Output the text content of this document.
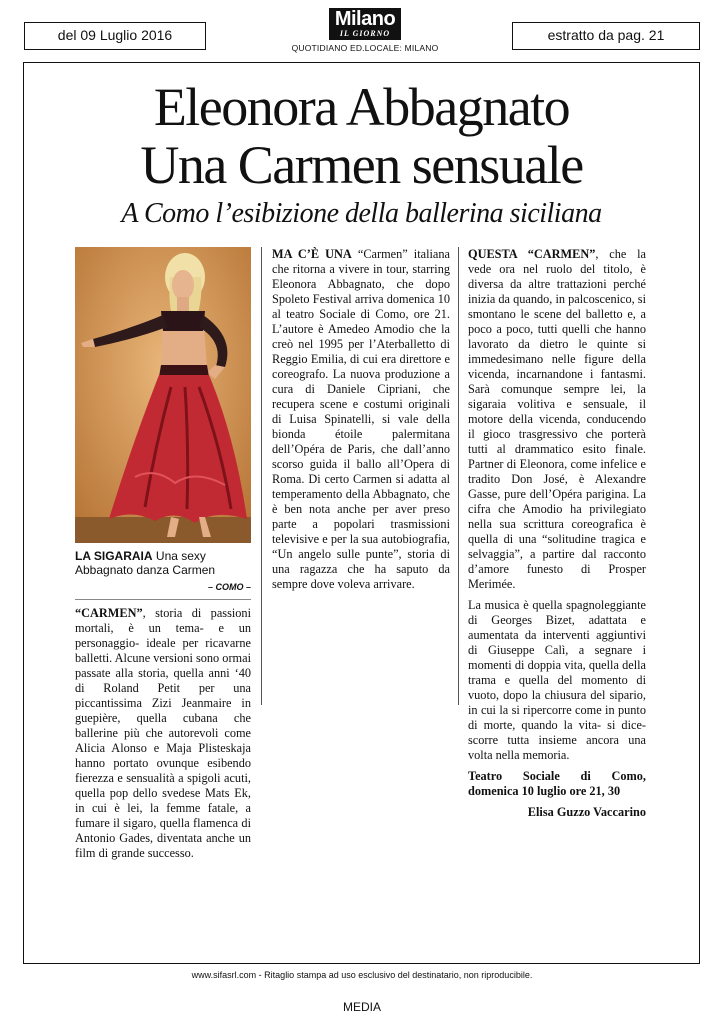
del 09 Luglio 2016
Milano
IL GIORNO
QUOTIDIANO ED.LOCALE: MILANO
estratto da pag. 21
Eleonora Abbagnato
Una Carmen sensuale
A Como l’esibizione della ballerina siciliana
LA SIGARAIA Una sexy Abbagnato danza Carmen
– COMO –

“CARMEN”, storia di passioni mortali, è un tema- e un personaggio- ideale per ricavarne balletti. Alcune versioni sono ormai passate alla storia, quella anni ‘40 di Roland Petit per una piccantissima Zizi Jeanmaire in guepière, quella cubana che ballerine più che autorevoli come Alicia Alonso e Maja Plisteskaja hanno portato ovunque esibendo fierezza e sensualità a spigoli acuti, quella pop dello svedese Mats Ek, in cui è lei, la femme fatale, a fumare il sigaro, quella flamenca di Antonio Gades, diventata anche un film di grande successo.

MA C’È UNA “Carmen” italiana che ritorna a vivere in tour, starring Eleonora Abbagnato, che dopo Spoleto Festival arriva domenica 10 al teatro Sociale di Como, ore 21. L’autore è Amedeo Amodio che la creò nel 1995 per l’Aterballetto di Reggio Emilia, di cui era direttore e coreografo. La nuova produzione a cura di Daniele Cipriani, che recupera scene e costumi originali di Luisa Spinatelli, si vale della bionda étoile palermitana dell’Opéra de Paris, che dall’anno scorso guida il ballo all’Opera di Roma. Di certo Carmen si adatta al temperamento della Abbagnato, che è ben nota anche per aver preso parte a popolari trasmissioni televisive e per la sua autobiografia, “Un angelo sulle punte”, storia di una ragazza che ha saputo da sempre dove voleva arrivare.

QUESTA “CARMEN”, che la vede ora nel ruolo del titolo, è diversa da altre trattazioni perché inizia da quando, in palcoscenico, si smontano le scene del balletto e, a poco a poco, tutti quelli che hanno lavorato da dietro le quinte si immedesimano nelle figure della vicenda, incarnandone i fantasmi. Sarà comunque sempre lei, la sigaraia volitiva e sensuale, il motore della vicenda, conducendo il gioco trasgressivo che porterà tutti al drammatico esito finale. Partner di Eleonora, come infelice e tradito Don José, è Alexandre Gasse, pure dell’Opéra parigina. La cifra che Amodio ha privilegiato nella sua scrittura coreografica è quella di una “solitudine tragica e selvaggia”, a partire dal racconto d’amore funesto di Prosper Merimée.

La musica è quella spagnoleggiante di Georges Bizet, adattata e aumentata da interventi aggiuntivi di Giuseppe Calì, a segnare i momenti di doppia vita, quella della trama e quella del momento di vuoto, dopo la chiusura del sipario, in cui la si ripercorre come in punto di morte, quando la vita- si dice- scorre tutta insieme ancora una volta nella memoria.

Teatro Sociale di Como, domenica 10 luglio ore 21, 30

Elisa Guzzo Vaccarino

www.sifasrl.com - Ritaglio stampa ad uso esclusivo del destinatario, non riproducibile.
MEDIA
